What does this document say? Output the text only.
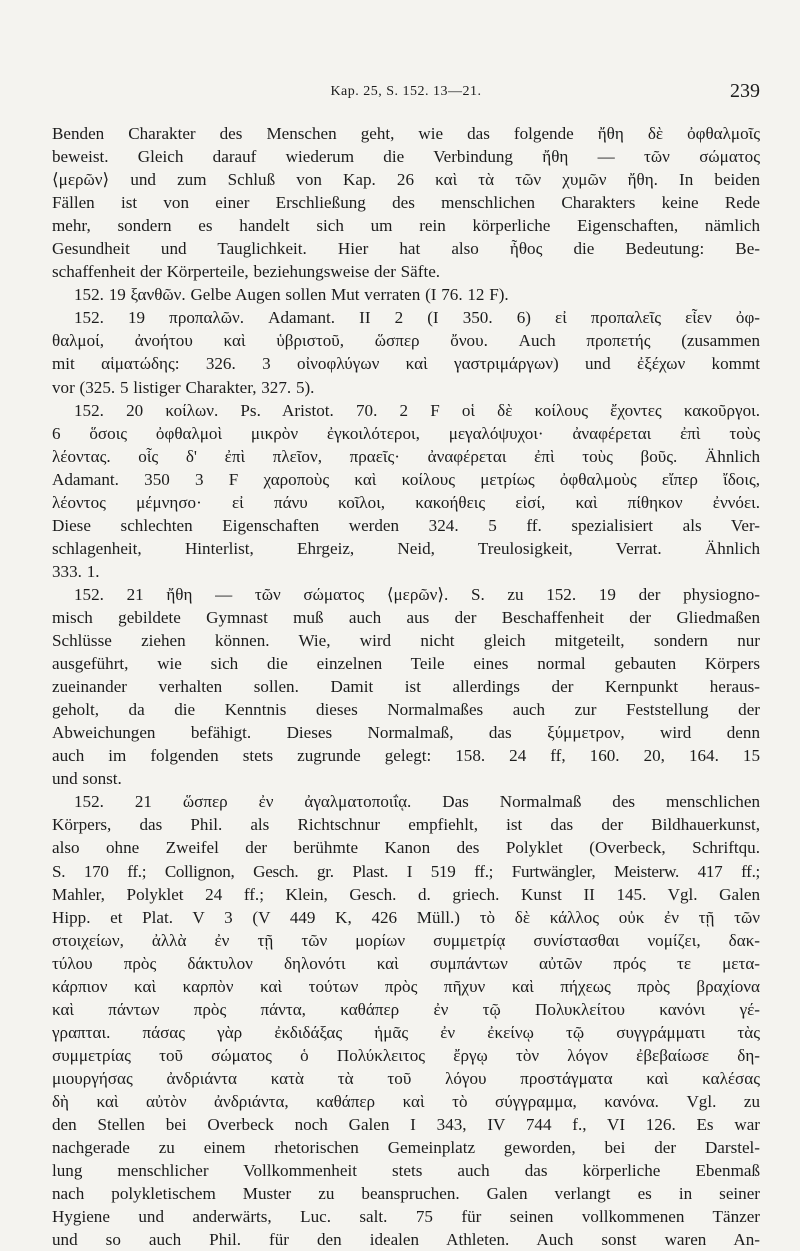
Kap. 25, S. 152. 13—21.	239
Benden Charakter des Menschen geht, wie das folgende ἤθη δὲ ὀφθαλμοῖς
beweist. Gleich darauf wiederum die Verbindung ἤθη — τῶν σώματος
⟨μερῶν⟩ und zum Schluß von Kap. 26 καὶ τὰ τῶν χυμῶν ἤθη. In beiden
Fällen ist von einer Erschließung des menschlichen Charakters keine Rede
mehr, sondern es handelt sich um rein körperliche Eigenschaften, nämlich
Gesundheit und Tauglichkeit. Hier hat also ἦθος die Bedeutung: Be-
schaffenheit der Körperteile, beziehungsweise der Säfte.
152. 19 ξανθῶν. Gelbe Augen sollen Mut verraten (I 76. 12 F).
152. 19 προπαλῶν. Adamant. II 2 (I 350. 6) εἰ προπαλεῖς εἶεν ὀφ-
θαλμοί, ἀνοήτου καὶ ὑβριστοῦ, ὥσπερ ὄνου. Auch προπετής (zusammen
mit αἱματώδης: 326. 3 οἰνοφλύγων καὶ γαστριμάργων) und ἐξέχων kommt
vor (325. 5 listiger Charakter, 327. 5).
152. 20 κοίλων. Ps. Aristot. 70. 2 F οἱ δὲ κοίλους ἔχοντες κακοῦργοι.
6 ὅσοις ὀφθαλμοὶ μικρὸν ἐγκοιλότεροι, μεγαλόψυχοι· ἀναφέρεται ἐπὶ τοὺς
λέοντας. οἷς δ' ἐπὶ πλεῖον, πραεῖς· ἀναφέρεται ἐπὶ τοὺς βοῦς. Ähnlich
Adamant. 350 3 F χαροποὺς καὶ κοίλους μετρίως ὀφθαλμοὺς εἴπερ ἴδοις,
λέοντος μέμνησο· εἰ πάνυ κοῖλοι, κακοήθεις εἰσί, καὶ πίθηκον ἐννόει.
Diese schlechten Eigenschaften werden 324. 5 ff. spezialisiert als Ver-
schlagenheit, Hinterlist, Ehrgeiz, Neid, Treulosigkeit, Verrat. Ähnlich
333. 1.
152. 21 ἤθη — τῶν σώματος ⟨μερῶν⟩. S. zu 152. 19 der physiogno-
misch gebildete Gymnast muß auch aus der Beschaffenheit der Gliedmaßen
Schlüsse ziehen können. Wie, wird nicht gleich mitgeteilt, sondern nur
ausgeführt, wie sich die einzelnen Teile eines normal gebauten Körpers
zueinander verhalten sollen. Damit ist allerdings der Kernpunkt heraus-
geholt, da die Kenntnis dieses Normalmaßes auch zur Feststellung der
Abweichungen befähigt. Dieses Normalmaß, das ξύμμετρον, wird denn
auch im folgenden stets zugrunde gelegt: 158. 24 ff, 160. 20, 164. 15
und sonst.
152. 21 ὥσπερ ἐν ἀγαλματοποιΐᾳ. Das Normalmaß des menschlichen
Körpers, das Phil. als Richtschnur empfiehlt, ist das der Bildhauerkunst,
also ohne Zweifel der berühmte Kanon des Polyklet (Overbeck, Schriftqu.
S. 170 ff.; Collignon, Gesch. gr. Plast. I 519 ff.; Furtwängler, Meisterw. 417 ff.;
Mahler, Polyklet 24 ff.; Klein, Gesch. d. griech. Kunst II 145. Vgl. Galen
Hipp. et Plat. V 3 (V 449 K, 426 Müll.) τὸ δὲ κάλλος οὐκ ἐν τῇ τῶν
στοιχείων, ἀλλὰ ἐν τῇ τῶν μορίων συμμετρίᾳ συνίστασθαι νομίζει, δακ-
τύλου πρὸς δάκτυλον δηλονότι καὶ συμπάντων αὐτῶν πρός τε μετα-
κάρπιον καὶ καρπὸν καὶ τούτων πρὸς πῆχυν καὶ πήχεως πρὸς βραχίονα
καὶ πάντων πρὸς πάντα, καθάπερ ἐν τῷ Πολυκλείτου κανόνι γέ-
γραπται. πάσας γὰρ ἐκδιδάξας ἡμᾶς ἐν ἐκείνῳ τῷ συγγράμματι τὰς
συμμετρίας τοῦ σώματος ὁ Πολύκλειτος ἔργῳ τὸν λόγον ἐβεβαίωσε δη-
μιουργήσας ἀνδριάντα κατὰ τὰ τοῦ λόγου προστάγματα καὶ καλέσας
δὴ καὶ αὐτὸν ἀνδριάντα, καθάπερ καὶ τὸ σύγγραμμα, κανόνα. Vgl. zu
den Stellen bei Overbeck noch Galen I 343, IV 744 f., VI 126. Es war
nachgerade zu einem rhetorischen Gemeinplatz geworden, bei der Darstel-
lung menschlicher Vollkommenheit stets auch das körperliche Ebenmaß
nach polykletischem Muster zu beanspruchen. Galen verlangt es in seiner
Hygiene und anderwärts, Luc. salt. 75 für seinen vollkommenen Tänzer
und so auch Phil. für den idealen Athleten. Auch sonst waren An-
